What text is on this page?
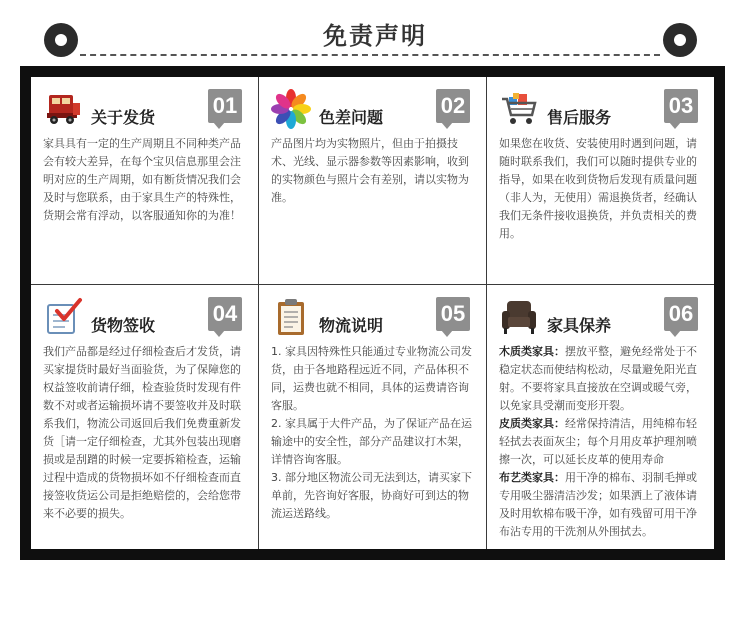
免责声明
关于发货	01

家具具有一定的生产周期且不同种类产品会有较大差异，在每个宝贝信息那里会注明对应的生产周期，如有断货情况我们会及时与您联系，由于家具生产的特殊性，货期会常有浮动，以客服通知你的为准！

色差问题	02

产品图片均为实物照片，但由于拍摄技术、光线、显示器参数等因素影响，收到的实物颜色与照片会有差别，请以实物为准。

售后服务	03

如果您在收货、安装使用时遇到问题，请随时联系我们，我们可以随时提供专业的指导，如果在收到货物后发现有质量问题（非人为，无使用）需退换货者，经确认我们无条件接收退换货，并负责相关的费用。

货物签收	04

我们产品都是经过仔细检查后才发货，请买家提货时最好当面验货，为了保障您的权益签收前请仔细，检查验货时发现有件数不对或者运输损坏请不要签收并及时联系我们，物流公司返回后我们免费重新发货［请一定仔细检查，尤其外包装出现磨损或是刮蹭的时候一定要拆箱检查，运输过程中造成的货物损坏如不仔细检查而直接签收货运公司是拒绝赔偿的，会给您带来不必要的损失。

物流说明	05

1. 家具因特殊性只能通过专业物流公司发货，由于各地路程远近不同，产品体积不同，运费也就不相同，具体的运费请咨询客服。

2. 家具属于大件产品，为了保证产品在运输途中的安全性，部分产品建议打木架，详情咨询客服。

3. 部分地区物流公司无法到达，请买家下单前，先咨询好客服，协商好可到达的物流运送路线。

家具保养	06

木质类家具：摆放平整，避免经常处于不稳定状态而使结构松动，尽量避免阳光直射。不要将家具直接放在空调或暖气旁，以免家具受潮而变形开裂。

皮质类家具：经常保持清洁，用纯棉布轻轻拭去表面灰尘；每个月用皮革护理剂喷擦一次，可以延长皮革的使用寿命

布艺类家具：用干净的棉布、羽制毛掸或专用吸尘器清洁沙发；如果洒上了液体请及时用软棉布吸干净，如有残留可用干净布沾专用的干洗剂从外围拭去。
